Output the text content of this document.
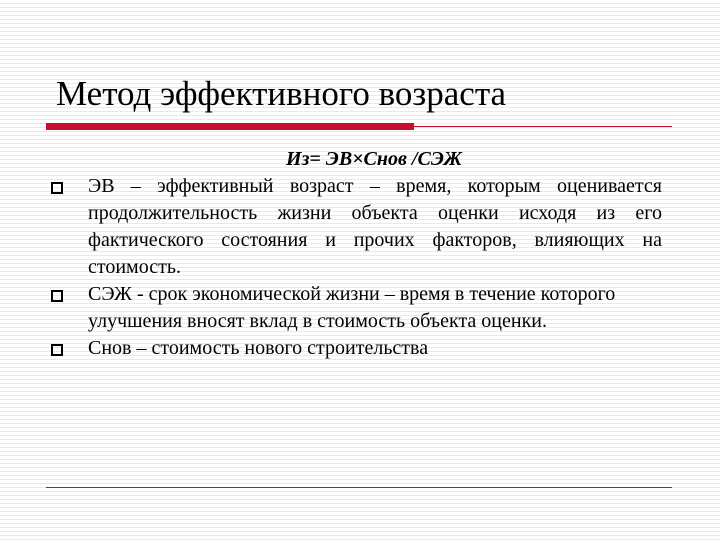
Метод эффективного возраста
Из= ЭВ×Снов /СЭЖ
ЭВ – эффективный возраст – время, которым оценивается продолжительность жизни объекта оценки исходя из его фактического состояния и прочих факторов, влияющих на стоимость.
СЭЖ - срок экономической жизни – время в течение которого улучшения вносят вклад в стоимость объекта оценки.
Снов – стоимость нового строительства
